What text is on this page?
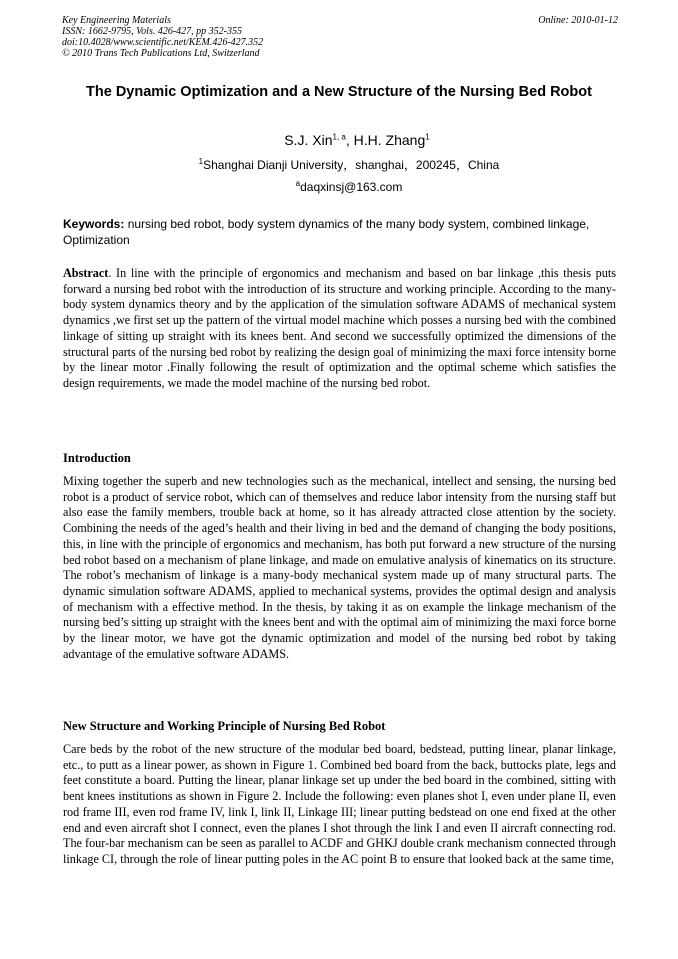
Key Engineering Materials
ISSN: 1662-9795, Vols. 426-427, pp 352-355
doi:10.4028/www.scientific.net/KEM.426-427.352
© 2010 Trans Tech Publications Ltd, Switzerland
Online: 2010-01-12
The Dynamic Optimization and a New Structure of the Nursing Bed Robot
S.J. Xin$^{1, a}$, H.H. Zhang$^1$
$^1$Shanghai Dianji University，shanghai，200245，China
$^a$daqxinsj@163.com
Keywords: nursing bed robot, body system dynamics of the many body system, combined linkage, Optimization

Abstract. In line with the principle of ergonomics and mechanism and based on bar linkage ,this thesis puts forward a nursing bed robot with the introduction of its structure and working principle. According to the many-body system dynamics theory and by the application of the simulation software ADAMS of mechanical system dynamics ,we first set up the pattern of the virtual model machine which posses a nursing bed with the combined linkage of sitting up straight with its knees bent. And second we successfully optimized the dimensions of the structural parts of the nursing bed robot by realizing the design goal of minimizing the maxi force intensity borne by the linear motor .Finally following the result of optimization and the optimal scheme which satisfies the design requirements, we made the model machine of the nursing bed robot.

Introduction

Mixing together the superb and new technologies such as the mechanical, intellect and sensing, the nursing bed robot is a product of service robot, which can of themselves and reduce labor intensity from the nursing staff but also ease the family members, trouble back at home, so it has already attracted close attention by the society. Combining the needs of the aged’s health and their living in bed and the demand of changing the body positions, this, in line with the principle of ergonomics and mechanism, has both put forward a new structure of the nursing bed robot based on a mechanism of plane linkage, and made on emulative analysis of kinematics on its structure. The robot’s mechanism of linkage is a many-body mechanical system made up of many structural parts. The dynamic simulation software ADAMS, applied to mechanical systems, provides the optimal design and analysis of mechanism with a effective method. In the thesis, by taking it as on example the linkage mechanism of the nursing bed’s sitting up straight with the knees bent and with the optimal aim of minimizing the maxi force borne by the linear motor, we have got the dynamic optimization and model of the nursing bed robot by taking advantage of the emulative software ADAMS.

New Structure and Working Principle of Nursing Bed Robot

Care beds by the robot of the new structure of the modular bed board, bedstead, putting linear, planar linkage, etc., to putt as a linear power, as shown in Figure 1. Combined bed board from the back, buttocks plate, legs and feet constitute a board. Putting the linear, planar linkage set up under the bed board in the combined, sitting with bent knees institutions as shown in Figure 2. Include the following: even planes shot I, even under plane II, even rod frame III, even rod frame IV, link I, link II, Linkage III; linear putting bedstead on one end fixed at the other end and even aircraft shot I connect, even the planes I shot through the link I and even II aircraft connecting rod. The four-bar mechanism can be seen as parallel to ACDF and GHKJ double crank mechanism connected through linkage CI, through the role of linear putting poles in the AC point B to ensure that looked back at the same time,
